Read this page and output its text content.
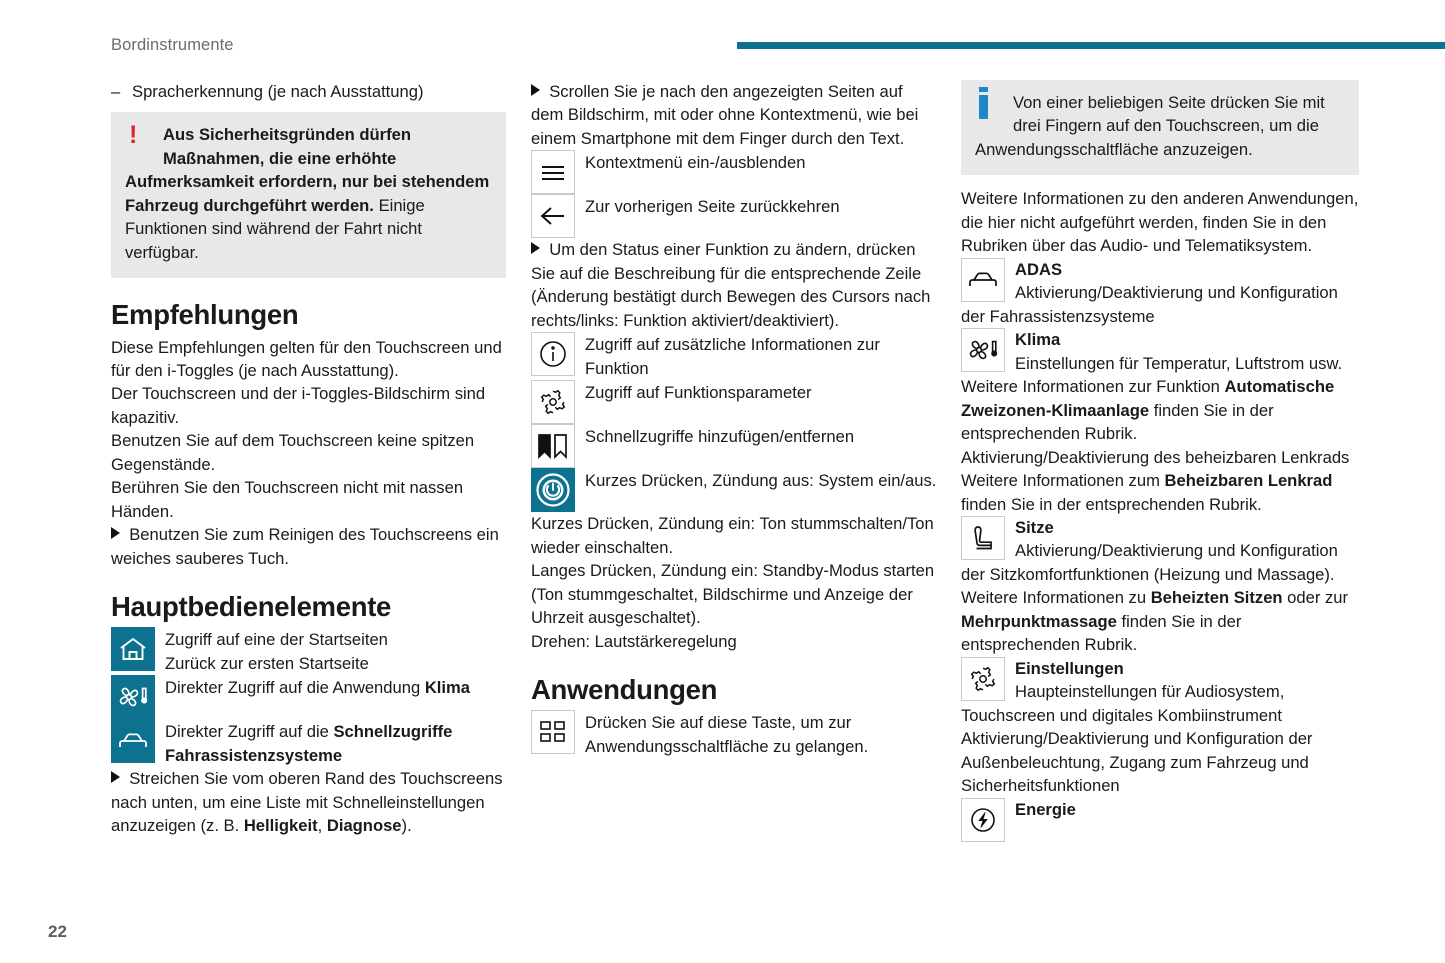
Bordinstrumente
– Spracherkennung (je nach Ausstattung)
!	Aus Sicherheitsgründen dürfen Maßnahmen, die eine erhöhte Aufmerksamkeit erfordern, nur bei stehendem Fahrzeug durchgeführt werden. Einige Funktionen sind während der Fahrt nicht verfügbar.
Empfehlungen

Diese Empfehlungen gelten für den Touchscreen und für den i-Toggles (je nach Ausstattung).

Der Touchscreen und der i-Toggles-Bildschirm sind kapazitiv.

Benutzen Sie auf dem Touchscreen keine spitzen Gegenstände.

Berühren Sie den Touchscreen nicht mit nassen Händen.

Benutzen Sie zum Reinigen des Touchscreens ein weiches sauberes Tuch.

Hauptbedienelemente
Zugriff auf eine der Startseiten
Zurück zur ersten Startseite
Direkter Zugriff auf die Anwendung Klima
Direkter Zugriff auf die Schnellzugriffe Fahrassistenzsysteme

Streichen Sie vom oberen Rand des Touchscreens nach unten, um eine Liste mit Schnelleinstellungen anzuzeigen (z. B. Helligkeit, Diagnose).

Scrollen Sie je nach den angezeigten Seiten auf dem Bildschirm, mit oder ohne Kontextmenü, wie bei einem Smartphone mit dem Finger durch den Text.

Kontextmenü ein-/ausblenden
Zur vorherigen Seite zurückkehren

Um den Status einer Funktion zu ändern, drücken Sie auf die Beschreibung für die entsprechende Zeile (Änderung bestätigt durch Bewegen des Cursors nach rechts/links: Funktion aktiviert/deaktiviert).

Zugriff auf zusätzliche Informationen zur Funktion
Zugriff auf Funktionsparameter
Schnellzugriffe hinzufügen/entfernen
Kurzes Drücken, Zündung aus: System ein/aus.

Kurzes Drücken, Zündung ein: Ton stummschalten/Ton wieder einschalten.

Langes Drücken, Zündung ein: Standby-Modus starten (Ton stummgeschaltet, Bildschirme und Anzeige der Uhrzeit ausgeschaltet).

Drehen: Lautstärkeregelung

Anwendungen
Drücken Sie auf diese Taste, um zur Anwendungsschaltfläche zu gelangen.
Von einer beliebigen Seite drücken Sie mit drei Fingern auf den Touchscreen, um die Anwendungsschaltfläche anzuzeigen.

Weitere Informationen zu den anderen Anwendungen, die hier nicht aufgeführt werden, finden Sie in den Rubriken über das Audio- und Telematiksystem.

ADAS
Aktivierung/Deaktivierung und Konfiguration der Fahrassistenzsysteme
Klima
Einstellungen für Temperatur, Luftstrom usw.

Weitere Informationen zur Funktion Automatische Zweizonen-Klimaanlage finden Sie in der entsprechenden Rubrik.

Aktivierung/Deaktivierung des beheizbaren Lenkrads

Weitere Informationen zum Beheizbaren Lenkrad finden Sie in der entsprechenden Rubrik.

Sitze
Aktivierung/Deaktivierung und Konfiguration der Sitzkomfortfunktionen (Heizung und Massage).

Weitere Informationen zu Beheizten Sitzen oder zur Mehrpunktmassage finden Sie in der entsprechenden Rubrik.

Einstellungen
Haupteinstellungen für Audiosystem, Touchscreen und digitales Kombiinstrument

Aktivierung/Deaktivierung und Konfiguration der Außenbeleuchtung, Zugang zum Fahrzeug und Sicherheitsfunktionen

Energie
22
